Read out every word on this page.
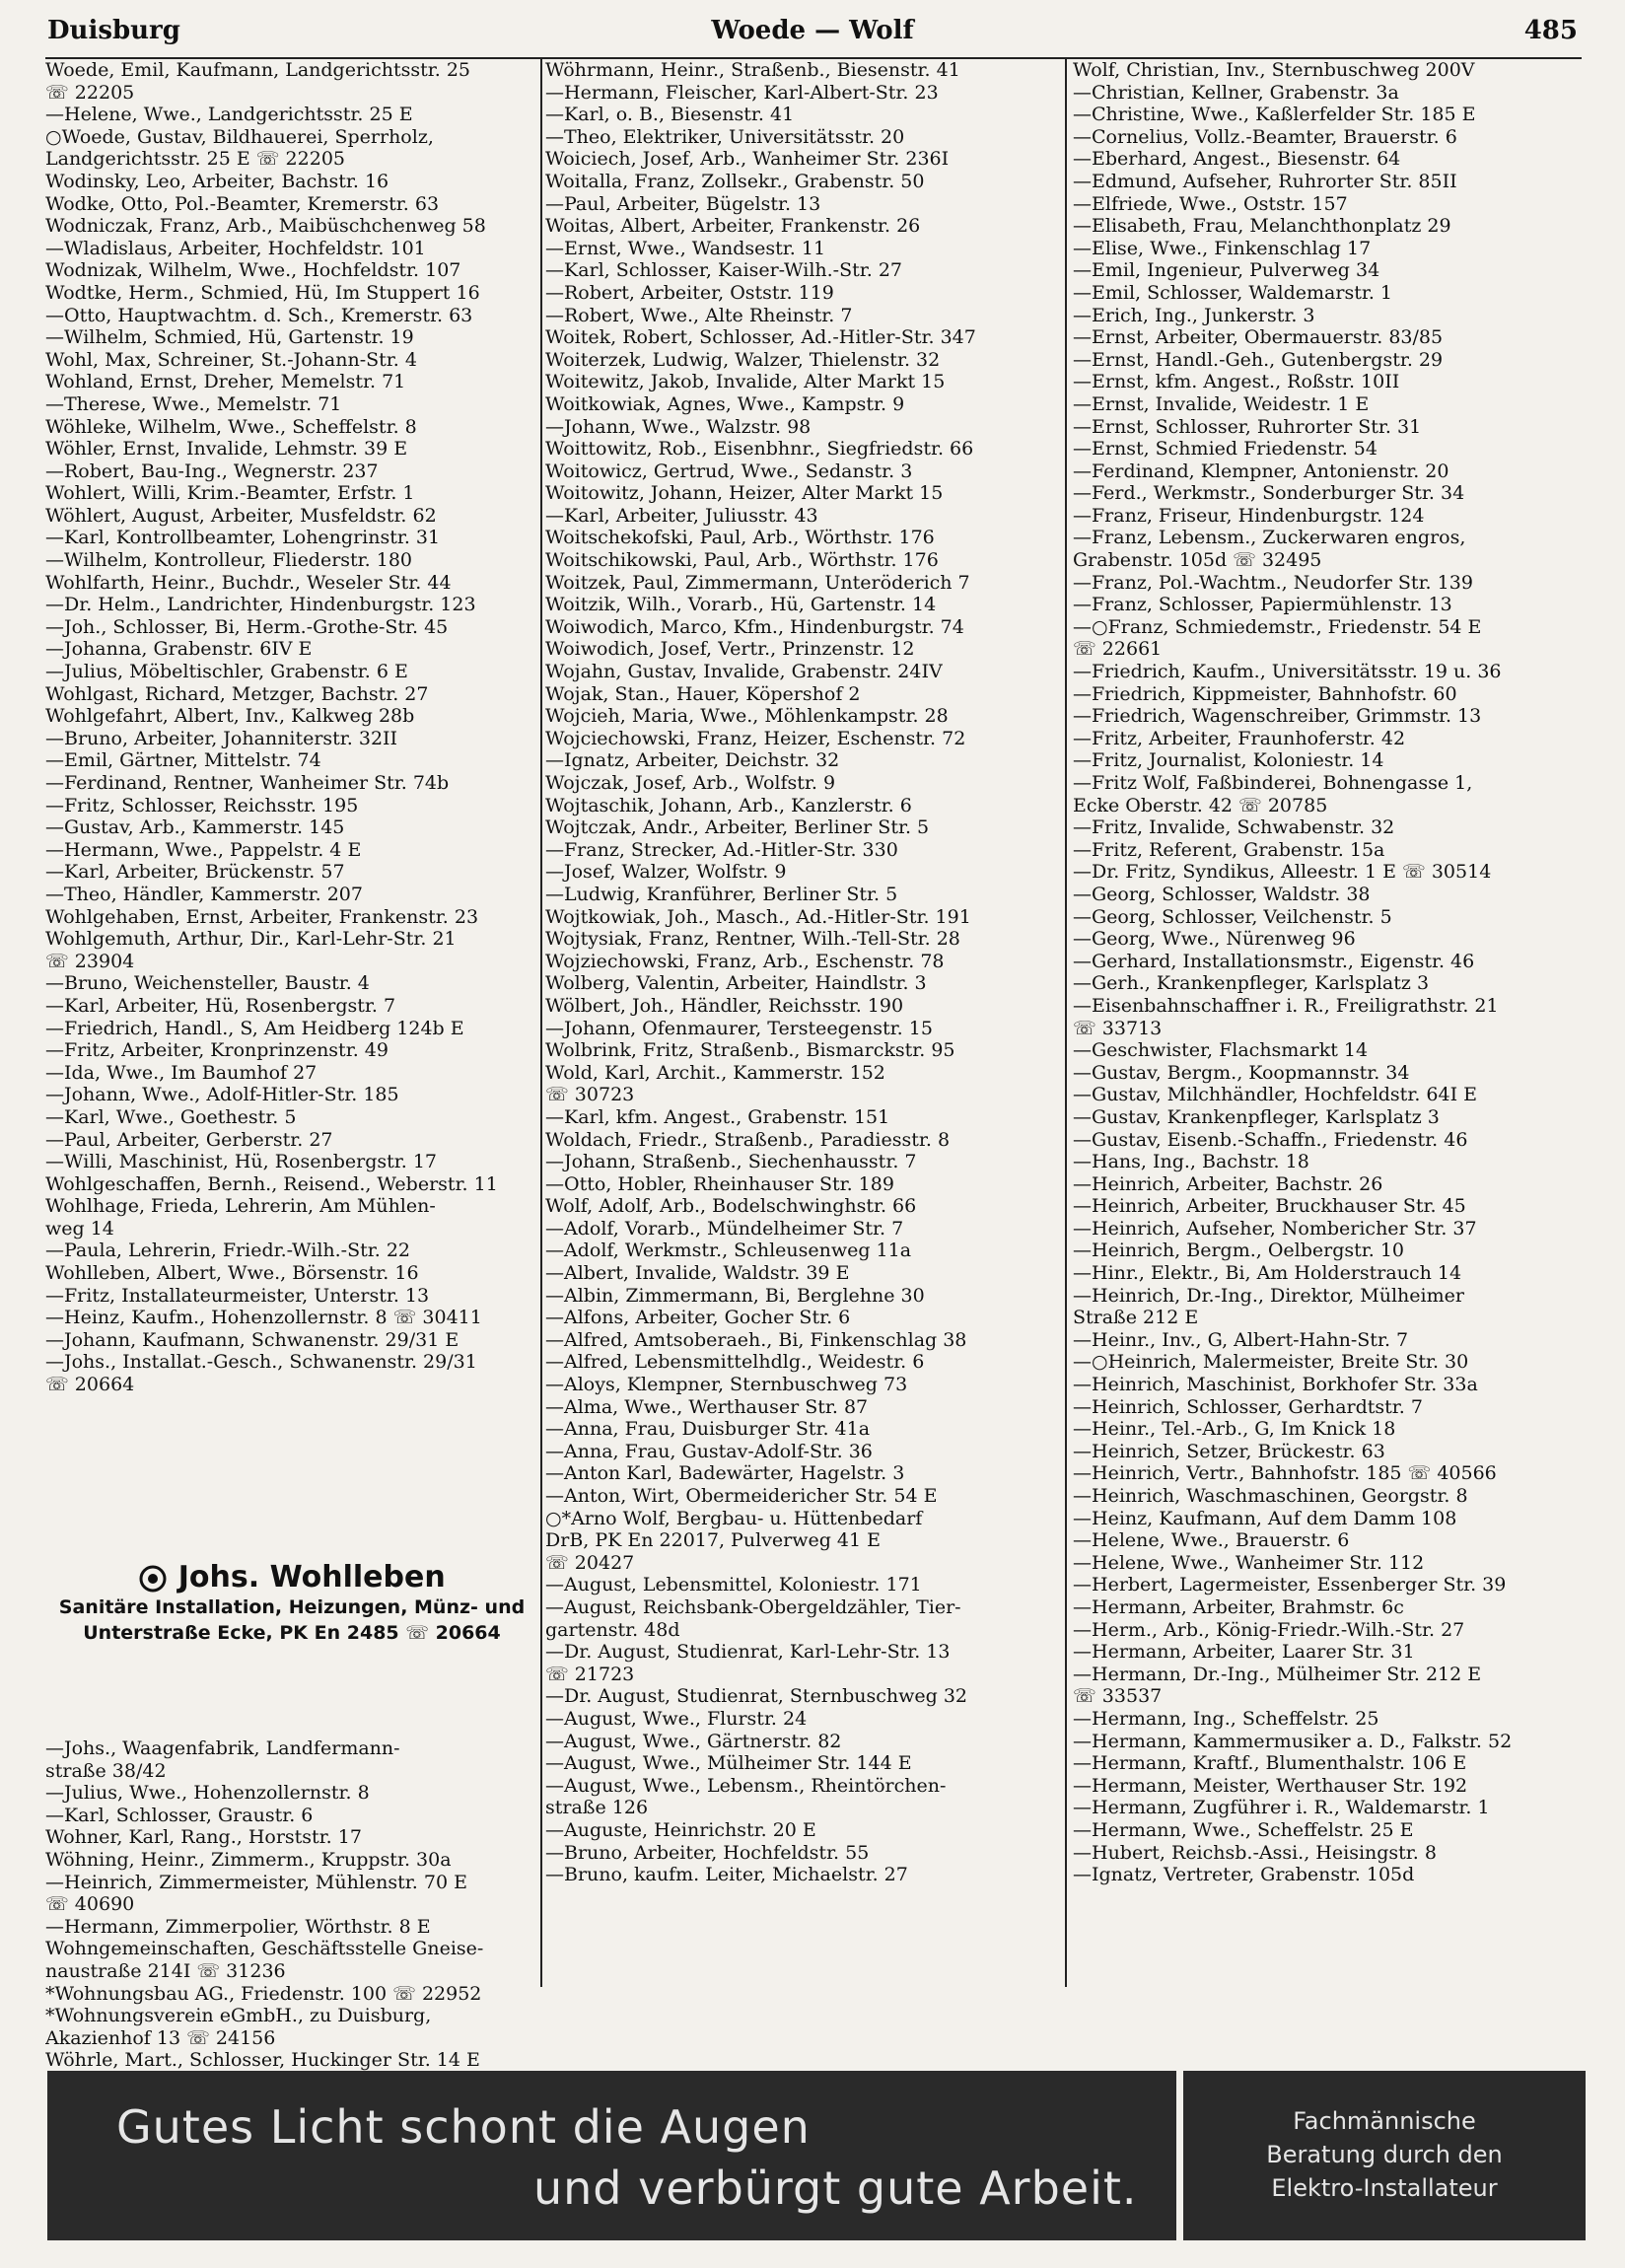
Duisburg	Woede — Wolf	485
Woede, Emil, Kaufmann, Landgerichtsstr. 25
☏ 22205
—Helene, Wwe., Landgerichtsstr. 25 E
○Woede, Gustav, Bildhauerei, Sperrholz,
Landgerichtsstr. 25 E ☏ 22205
Wodinsky, Leo, Arbeiter, Bachstr. 16
Wodke, Otto, Pol.-Beamter, Kremerstr. 63
Wodniczak, Franz, Arb., Maibüschchenweg 58
—Wladislaus, Arbeiter, Hochfeldstr. 101
Wodnizak, Wilhelm, Wwe., Hochfeldstr. 107
Wodtke, Herm., Schmied, Hü, Im Stuppert 16
—Otto, Hauptwachtm. d. Sch., Kremerstr. 63
—Wilhelm, Schmied, Hü, Gartenstr. 19
Wohl, Max, Schreiner, St.-Johann-Str. 4
Wohland, Ernst, Dreher, Memelstr. 71
—Therese, Wwe., Memelstr. 71
Wöhleke, Wilhelm, Wwe., Scheffelstr. 8
Wöhler, Ernst, Invalide, Lehmstr. 39 E
—Robert, Bau-Ing., Wegnerstr. 237
Wohlert, Willi, Krim.-Beamter, Erfstr. 1
Wöhlert, August, Arbeiter, Musfeldstr. 62
—Karl, Kontrollbeamter, Lohengrinstr. 31
—Wilhelm, Kontrolleur, Fliederstr. 180
Wohlfarth, Heinr., Buchdr., Weseler Str. 44
—Dr. Helm., Landrichter, Hindenburgstr. 123
—Joh., Schlosser, Bi, Herm.-Grothe-Str. 45
—Johanna, Grabenstr. 6IV E
—Julius, Möbeltischler, Grabenstr. 6 E
Wohlgast, Richard, Metzger, Bachstr. 27
Wohlgefahrt, Albert, Inv., Kalkweg 28b
—Bruno, Arbeiter, Johanniterstr. 32II
—Emil, Gärtner, Mittelstr. 74
—Ferdinand, Rentner, Wanheimer Str. 74b
—Fritz, Schlosser, Reichsstr. 195
—Gustav, Arb., Kammerstr. 145
—Hermann, Wwe., Pappelstr. 4 E
—Karl, Arbeiter, Brückenstr. 57
—Theo, Händler, Kammerstr. 207
Wohlgehaben, Ernst, Arbeiter, Frankenstr. 23
Wohlgemuth, Arthur, Dir., Karl-Lehr-Str. 21
☏ 23904
—Bruno, Weichensteller, Baustr. 4
—Karl, Arbeiter, Hü, Rosenbergstr. 7
—Friedrich, Handl., S, Am Heidberg 124b E
—Fritz, Arbeiter, Kronprinzenstr. 49
—Ida, Wwe., Im Baumhof 27
—Johann, Wwe., Adolf-Hitler-Str. 185
—Karl, Wwe., Goethestr. 5
—Paul, Arbeiter, Gerberstr. 27
—Willi, Maschinist, Hü, Rosenbergstr. 17
Wohlgeschaffen, Bernh., Reisend., Weberstr. 11
Wohlhage, Frieda, Lehrerin, Am Mühlen-
weg 14
—Paula, Lehrerin, Friedr.-Wilh.-Str. 22
Wohlleben, Albert, Wwe., Börsenstr. 16
—Fritz, Installateurmeister, Unterstr. 13
—Heinz, Kaufm., Hohenzollernstr. 8 ☏ 30411
—Johann, Kaufmann, Schwanenstr. 29/31 E
—Johs., Installat.-Gesch., Schwanenstr. 29/31
☏ 20664
Johs. Wohlleben
Sanitäre Installation, Heizungen, Münz- und
Unterstraße Ecke, PK En 2485 ☏ 20664
—Johs., Waagenfabrik, Landfermann-
straße 38/42
—Julius, Wwe., Hohenzollernstr. 8
—Karl, Schlosser, Graustr. 6
Wohner, Karl, Rang., Horststr. 17
Wöhning, Heinr., Zimmerm., Kruppstr. 30a
—Heinrich, Zimmermeister, Mühlenstr. 70 E
☏ 40690
—Hermann, Zimmerpolier, Wörthstr. 8 E
Wohngemeinschaften, Geschäftsstelle Gneise-
naustraße 214I ☏ 31236
*Wohnungsbau AG., Friedenstr. 100 ☏ 22952
*Wohnungsverein eGmbH., zu Duisburg,
Akazienhof 13 ☏ 24156
Wöhrle, Mart., Schlosser, Huckinger Str. 14 E
Wöhrmann, Heinr., Straßenb., Biesenstr. 41
—Hermann, Fleischer, Karl-Albert-Str. 23
—Karl, o. B., Biesenstr. 41
—Theo, Elektriker, Universitätsstr. 20
Woiciech, Josef, Arb., Wanheimer Str. 236I
Woitalla, Franz, Zollsekr., Grabenstr. 50
—Paul, Arbeiter, Bügelstr. 13
Woitas, Albert, Arbeiter, Frankenstr. 26
—Ernst, Wwe., Wandsestr. 11
—Karl, Schlosser, Kaiser-Wilh.-Str. 27
—Robert, Arbeiter, Oststr. 119
—Robert, Wwe., Alte Rheinstr. 7
Woitek, Robert, Schlosser, Ad.-Hitler-Str. 347
Woiterzek, Ludwig, Walzer, Thielenstr. 32
Woitewitz, Jakob, Invalide, Alter Markt 15
Woitkowiak, Agnes, Wwe., Kampstr. 9
—Johann, Wwe., Walzstr. 98
Woittowitz, Rob., Eisenbhnr., Siegfriedstr. 66
Woitowicz, Gertrud, Wwe., Sedanstr. 3
Woitowitz, Johann, Heizer, Alter Markt 15
—Karl, Arbeiter, Juliusstr. 43
Woitschekofski, Paul, Arb., Wörthstr. 176
Woitschikowski, Paul, Arb., Wörthstr. 176
Woitzek, Paul, Zimmermann, Unteröderich 7
Woitzik, Wilh., Vorarb., Hü, Gartenstr. 14
Woiwodich, Marco, Kfm., Hindenburgstr. 74
Woiwodich, Josef, Vertr., Prinzenstr. 12
Wojahn, Gustav, Invalide, Grabenstr. 24IV
Wojak, Stan., Hauer, Köpershof 2
Wojcieh, Maria, Wwe., Möhlenkampstr. 28
Wojciechowski, Franz, Heizer, Eschenstr. 72
—Ignatz, Arbeiter, Deichstr. 32
Wojczak, Josef, Arb., Wolfstr. 9
Wojtaschik, Johann, Arb., Kanzlerstr. 6
Wojtczak, Andr., Arbeiter, Berliner Str. 5
—Franz, Strecker, Ad.-Hitler-Str. 330
—Josef, Walzer, Wolfstr. 9
—Ludwig, Kranführer, Berliner Str. 5
Wojtkowiak, Joh., Masch., Ad.-Hitler-Str. 191
Wojtysiak, Franz, Rentner, Wilh.-Tell-Str. 28
Wojziechowski, Franz, Arb., Eschenstr. 78
Wolberg, Valentin, Arbeiter, Haindlstr. 3
Wölbert, Joh., Händler, Reichsstr. 190
—Johann, Ofenmaurer, Tersteegenstr. 15
Wolbrink, Fritz, Straßenb., Bismarckstr. 95
Wold, Karl, Archit., Kammerstr. 152
☏ 30723
—Karl, kfm. Angest., Grabenstr. 151
Woldach, Friedr., Straßenb., Paradiesstr. 8
—Johann, Straßenb., Siechenhausstr. 7
—Otto, Hobler, Rheinhauser Str. 189
Wolf, Adolf, Arb., Bodelschwinghstr. 66
—Adolf, Vorarb., Mündelheimer Str. 7
—Adolf, Werkmstr., Schleusenweg 11a
—Albert, Invalide, Waldstr. 39 E
—Albin, Zimmermann, Bi, Berglehne 30
—Alfons, Arbeiter, Gocher Str. 6
—Alfred, Amtsoberaeh., Bi, Finkenschlag 38
—Alfred, Lebensmittelhdlg., Weidestr. 6
—Aloys, Klempner, Sternbuschweg 73
—Alma, Wwe., Werthauser Str. 87
—Anna, Frau, Duisburger Str. 41a
—Anna, Frau, Gustav-Adolf-Str. 36
—Anton Karl, Badewärter, Hagelstr. 3
—Anton, Wirt, Obermeidericher Str. 54 E
○*Arno Wolf, Bergbau- u. Hüttenbedarf
DrB, PK En 22017, Pulverweg 41 E
☏ 20427
—August, Lebensmittel, Koloniestr. 171
—August, Reichsbank-Obergeldzähler, Tier-
gartenstr. 48d
—Dr. August, Studienrat, Karl-Lehr-Str. 13
☏ 21723
—Dr. August, Studienrat, Sternbuschweg 32
—August, Wwe., Flurstr. 24
—August, Wwe., Gärtnerstr. 82
—August, Wwe., Mülheimer Str. 144 E
—August, Wwe., Lebensm., Rheintörchen-
straße 126
—Auguste, Heinrichstr. 20 E
—Bruno, Arbeiter, Hochfeldstr. 55
—Bruno, kaufm. Leiter, Michaelstr. 27
Wolf, Christian, Inv., Sternbuschweg 200V
—Christian, Kellner, Grabenstr. 3a
—Christine, Wwe., Kaßlerfelder Str. 185 E
—Cornelius, Vollz.-Beamter, Brauerstr. 6
—Eberhard, Angest., Biesenstr. 64
—Edmund, Aufseher, Ruhrorter Str. 85II
—Elfriede, Wwe., Oststr. 157
—Elisabeth, Frau, Melanchthonplatz 29
—Elise, Wwe., Finkenschlag 17
—Emil, Ingenieur, Pulverweg 34
—Emil, Schlosser, Waldemarstr. 1
—Erich, Ing., Junkerstr. 3
—Ernst, Arbeiter, Obermauerstr. 83/85
—Ernst, Handl.-Geh., Gutenbergstr. 29
—Ernst, kfm. Angest., Roßstr. 10II
—Ernst, Invalide, Weidestr. 1 E
—Ernst, Schlosser, Ruhrorter Str. 31
—Ernst, Schmied Friedenstr. 54
—Ferdinand, Klempner, Antonienstr. 20
—Ferd., Werkmstr., Sonderburger Str. 34
—Franz, Friseur, Hindenburgstr. 124
—Franz, Lebensm., Zuckerwaren engros,
Grabenstr. 105d ☏ 32495
—Franz, Pol.-Wachtm., Neudorfer Str. 139
—Franz, Schlosser, Papiermühlenstr. 13
—○Franz, Schmiedemstr., Friedenstr. 54 E
☏ 22661
—Friedrich, Kaufm., Universitätsstr. 19 u. 36
—Friedrich, Kippmeister, Bahnhofstr. 60
—Friedrich, Wagenschreiber, Grimmstr. 13
—Fritz, Arbeiter, Fraunhoferstr. 42
—Fritz, Journalist, Koloniestr. 14
—Fritz Wolf, Faßbinderei, Bohnengasse 1,
Ecke Oberstr. 42 ☏ 20785
—Fritz, Invalide, Schwabenstr. 32
—Fritz, Referent, Grabenstr. 15a
—Dr. Fritz, Syndikus, Alleestr. 1 E ☏ 30514
—Georg, Schlosser, Waldstr. 38
—Georg, Schlosser, Veilchenstr. 5
—Georg, Wwe., Nürenweg 96
—Gerhard, Installationsmstr., Eigenstr. 46
—Gerh., Krankenpfleger, Karlsplatz 3
—Eisenbahnschaffner i. R., Freiligrathstr. 21
☏ 33713
—Geschwister, Flachsmarkt 14
—Gustav, Bergm., Koopmannstr. 34
—Gustav, Milchhändler, Hochfeldstr. 64I E
—Gustav, Krankenpfleger, Karlsplatz 3
—Gustav, Eisenb.-Schaffn., Friedenstr. 46
—Hans, Ing., Bachstr. 18
—Heinrich, Arbeiter, Bachstr. 26
—Heinrich, Arbeiter, Bruckhauser Str. 45
—Heinrich, Aufseher, Nombericher Str. 37
—Heinrich, Bergm., Oelbergstr. 10
—Hinr., Elektr., Bi, Am Holderstrauch 14
—Heinrich, Dr.-Ing., Direktor, Mülheimer
Straße 212 E
—Heinr., Inv., G, Albert-Hahn-Str. 7
—○Heinrich, Malermeister, Breite Str. 30
—Heinrich, Maschinist, Borkhofer Str. 33a
—Heinrich, Schlosser, Gerhardtstr. 7
—Heinr., Tel.-Arb., G, Im Knick 18
—Heinrich, Setzer, Brückestr. 63
—Heinrich, Vertr., Bahnhofstr. 185 ☏ 40566
—Heinrich, Waschmaschinen, Georgstr. 8
—Heinz, Kaufmann, Auf dem Damm 108
—Helene, Wwe., Brauerstr. 6
—Helene, Wwe., Wanheimer Str. 112
—Herbert, Lagermeister, Essenberger Str. 39
—Hermann, Arbeiter, Brahmstr. 6c
—Herm., Arb., König-Friedr.-Wilh.-Str. 27
—Hermann, Arbeiter, Laarer Str. 31
—Hermann, Dr.-Ing., Mülheimer Str. 212 E
☏ 33537
—Hermann, Ing., Scheffelstr. 25
—Hermann, Kammermusiker a. D., Falkstr. 52
—Hermann, Kraftf., Blumenthalstr. 106 E
—Hermann, Meister, Werthauser Str. 192
—Hermann, Zugführer i. R., Waldemarstr. 1
—Hermann, Wwe., Scheffelstr. 25 E
—Hubert, Reichsb.-Assi., Heisingstr. 8
—Ignatz, Vertreter, Grabenstr. 105d
Gutes Licht schont die Augen
und verbürgt gute Arbeit.
Fachmännische
Beratung durch den
Elektro-Installateur
